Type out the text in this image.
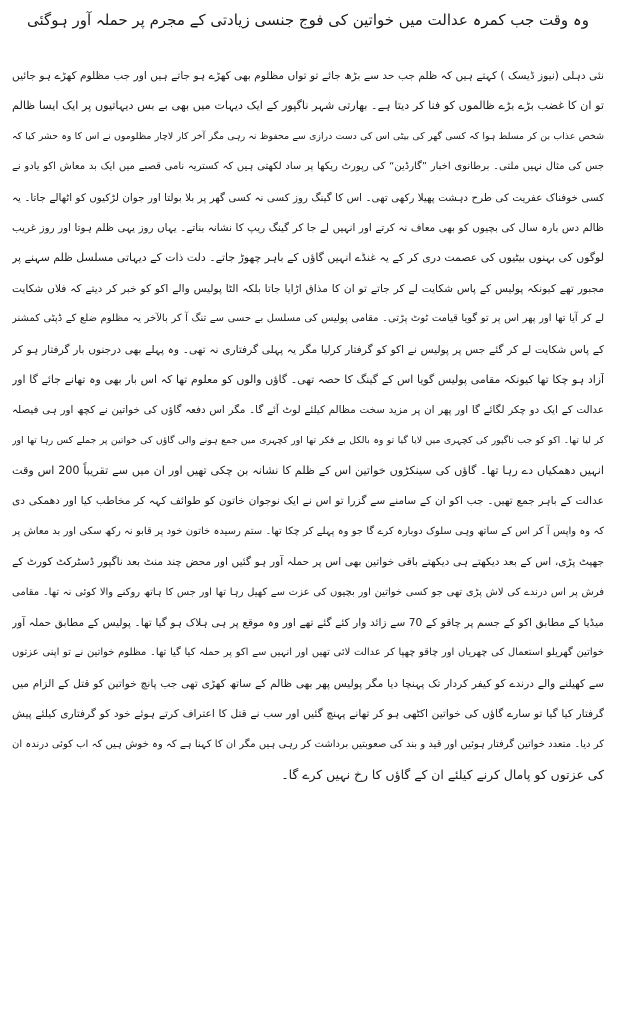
وہ وقت جب کمرہ عدالت میں خواتین کی فوج جنسی زیادتی کے مجرم پر حملہ آور ہوگئی
نئی دہلی (نیوز ڈیسک ) کہتے ہیں کہ ظلم جب حد سے بڑھ جائے تو تواں مظلوم بھی کھڑے ہو جاتے ہیں اور جب مظلوم کھڑے ہو جائیں
تو ان کا غضب بڑے بڑے ظالموں کو فنا کر دیتا ہے۔ بھارتی شہر ناگپور کے ایک دیہات میں بھی بے بس دیہاتیوں پر ایک ایسا ظالم
شخص عذاب بن کر مسلط ہوا کہ کسی گھر کی بیٹی اس کی دست درازی سے محفوظ نہ رہی مگر آخر کار لاچار مظلوموں نے اس کا وہ حشر کیا کہ
جس کی مثال نہیں ملتی۔ برطانوی اخبار ”گارڈین“ کی رپورٹ ریکھا پر ساد لکھتی ہیں کہ کستریہ نامی قصبے میں ایک بد معاش اکو یادو نے
کسی خوفناک عفریت کی طرح دہشت پھیلا رکھی تھی۔ اس کا گینگ روز کسی نہ کسی گھر پر بلا بولتا اور جوان لڑکیوں کو اٹھالے جاتا۔ یہ
ظالم دس بارہ سال کی بچیوں کو بھی معاف نہ کرتے اور انہیں لے جا کر گینگ ریپ کا نشانہ بناتے۔ یہاں روز یہی ظلم ہوتا اور روز غریب
لوگوں کی بہنوں بیٹیوں کی عصمت دری کر کے یہ غنڈے انہیں گاؤں کے باہر چھوڑ جاتے۔ دلت ذات کے دیہاتی مسلسل ظلم سہنے پر
مجبور تھے کیونکہ پولیس کے پاس شکایت لے کر جاتے تو ان کا مذاق اڑایا جاتا بلکہ الٹا پولیس والے اکو کو خبر کر دیتے کہ فلاں شکایت
لے کر آیا تھا اور پھر اس پر تو گویا قیامت ٹوٹ پڑتی۔ مقامی پولیس کی مسلسل بے حسی سے تنگ آ کر بالآخر یہ مظلوم ضلع کے ڈپٹی کمشنر
کے پاس شکایت لے کر گئے جس پر پولیس نے اکو کو گرفتار کرلیا مگر یہ پہلی گرفتاری نہ تھی۔ وہ پہلے بھی درجنوں بار گرفتار ہو کر
آزاد ہو چکا تھا کیونکہ مقامی پولیس گویا اس کے گینگ کا حصہ تھی۔ گاؤں والوں کو معلوم تھا کہ اس بار بھی وہ تھانے جائے گا اور
عدالت کے ایک دو چکر لگائے گا اور پھر ان پر مزید سخت مظالم کیلئے لوٹ آئے گا۔ مگر اس دفعہ گاؤں کی خواتین نے کچھ اور ہی فیصلہ
کر لیا تھا۔ اکو کو جب ناگپور کی کچہری میں لایا گیا تو وہ بالکل بے فکر تھا اور کچہری میں جمع ہونے والی گاؤں کی خواتین پر جملے کس رہا تھا اور
انہیں دھمکیاں دے رہا تھا۔ گاؤں کی سینکڑوں خواتین اس کے ظلم کا نشانہ بن چکی تھیں اور ان میں سے تقریباً 200 اس وقت
عدالت کے باہر جمع تھیں۔ جب اکو ان کے سامنے سے گزرا تو اس نے ایک نوجوان خاتون کو طوائف کہہ کر مخاطب کیا اور دھمکی دی
کہ وہ واپس آ کر اس کے ساتھ وہی سلوک دوبارہ کرے گا جو وہ پہلے کر چکا تھا۔ ستم رسیدہ خاتون خود پر قابو نہ رکھ سکی اور بد معاش پر
جھپٹ پڑی، اس کے بعد دیکھتے ہی دیکھتے باقی خواتین بھی اس پر حملہ آور ہو گئیں اور محض چند منٹ بعد ناگپور ڈسٹرکٹ کورٹ کے
فرش پر اس درندے کی لاش پڑی تھی جو کسی خواتین اور بچیوں کی عزت سے کھیل رہا تھا اور جس کا ہاتھ روکنے والا کوئی نہ تھا۔ مقامی
میڈیا کے مطابق اکو کے جسم پر چاقو کے 70 سے زائد وار کئے گئے تھے اور وہ موقع پر ہی ہلاک ہو گیا تھا۔ پولیس کے مطابق حملہ آور
خواتین گھریلو استعمال کی چھریاں اور چاقو چھپا کر عدالت لائی تھیں اور انہیں سے اکو پر حملہ کیا گیا تھا۔ مظلوم خواتین نے تو اپنی عزتوں
سے کھیلنے والے درندے کو کیفر کردار تک پہنچا دیا مگر پولیس پھر بھی ظالم کے ساتھ کھڑی تھی جب پانچ خواتین کو قتل کے الزام میں
گرفتار کیا گیا تو سارے گاؤں کی خواتین اکٹھی ہو کر تھانے پہنچ گئیں اور سب نے قتل کا اعتراف کرتے ہوئے خود کو گرفتاری کیلئے پیش
کر دیا۔ متعدد خواتین گرفتار ہوئیں اور قید و بند کی صعوبتیں برداشت کر رہی ہیں مگر ان کا کہنا ہے کہ وہ خوش ہیں کہ اب کوئی درندہ ان
کی عزتوں کو پامال کرنے کیلئے ان کے گاؤں کا رخ نہیں کرے گا۔
